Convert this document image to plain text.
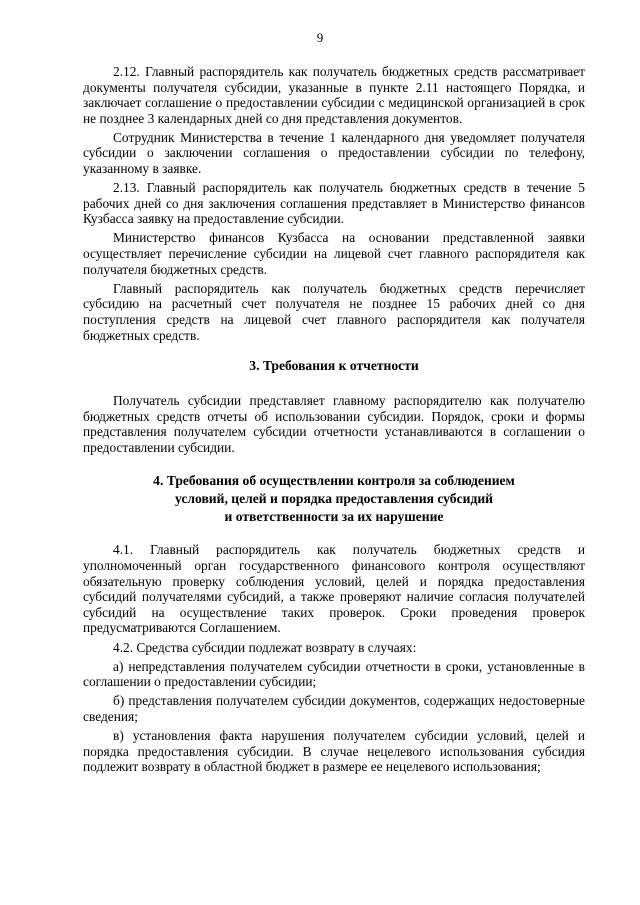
9

2.12. Главный распорядитель как получатель бюджетных средств рассматривает документы получателя субсидии, указанные в пункте 2.11 настоящего Порядка, и заключает соглашение о предоставлении субсидии с медицинской организацией в срок не позднее 3 календарных дней со дня представления документов.

Сотрудник Министерства в течение 1 календарного дня уведомляет получателя субсидии о заключении соглашения о предоставлении субсидии по телефону, указанному в заявке.

2.13. Главный распорядитель как получатель бюджетных средств в течение 5 рабочих дней со дня заключения соглашения представляет в Министерство финансов Кузбасса заявку на предоставление субсидии.

Министерство финансов Кузбасса на основании представленной заявки осуществляет перечисление субсидии на лицевой счет главного распорядителя как получателя бюджетных средств.

Главный распорядитель как получатель бюджетных средств перечисляет субсидию на расчетный счет получателя не позднее 15 рабочих дней со дня поступления средств на лицевой счет главного распорядителя как получателя бюджетных средств.

3. Требования к отчетности

Получатель субсидии представляет главному распорядителю как получателю бюджетных средств отчеты об использовании субсидии. Порядок, сроки и формы представления получателем субсидии отчетности устанавливаются в соглашении о предоставлении субсидии.

4. Требования об осуществлении контроля за соблюдением
условий, целей и порядка предоставления субсидий
и ответственности за их нарушение

4.1. Главный распорядитель как получатель бюджетных средств и уполномоченный орган государственного финансового контроля осуществляют обязательную проверку соблюдения условий, целей и порядка предоставления субсидий получателями субсидий, а также проверяют наличие согласия получателей субсидий на осуществление таких проверок. Сроки проведения проверок предусматриваются Соглашением.

4.2. Средства субсидии подлежат возврату в случаях:

а) непредставления получателем субсидии отчетности в сроки, установленные в соглашении о предоставлении субсидии;

б) представления получателем субсидии документов, содержащих недостоверные сведения;

в) установления факта нарушения получателем субсидии условий, целей и порядка предоставления субсидии. В случае нецелевого использования субсидия подлежит возврату в областной бюджет в размере ее нецелевого использования;
